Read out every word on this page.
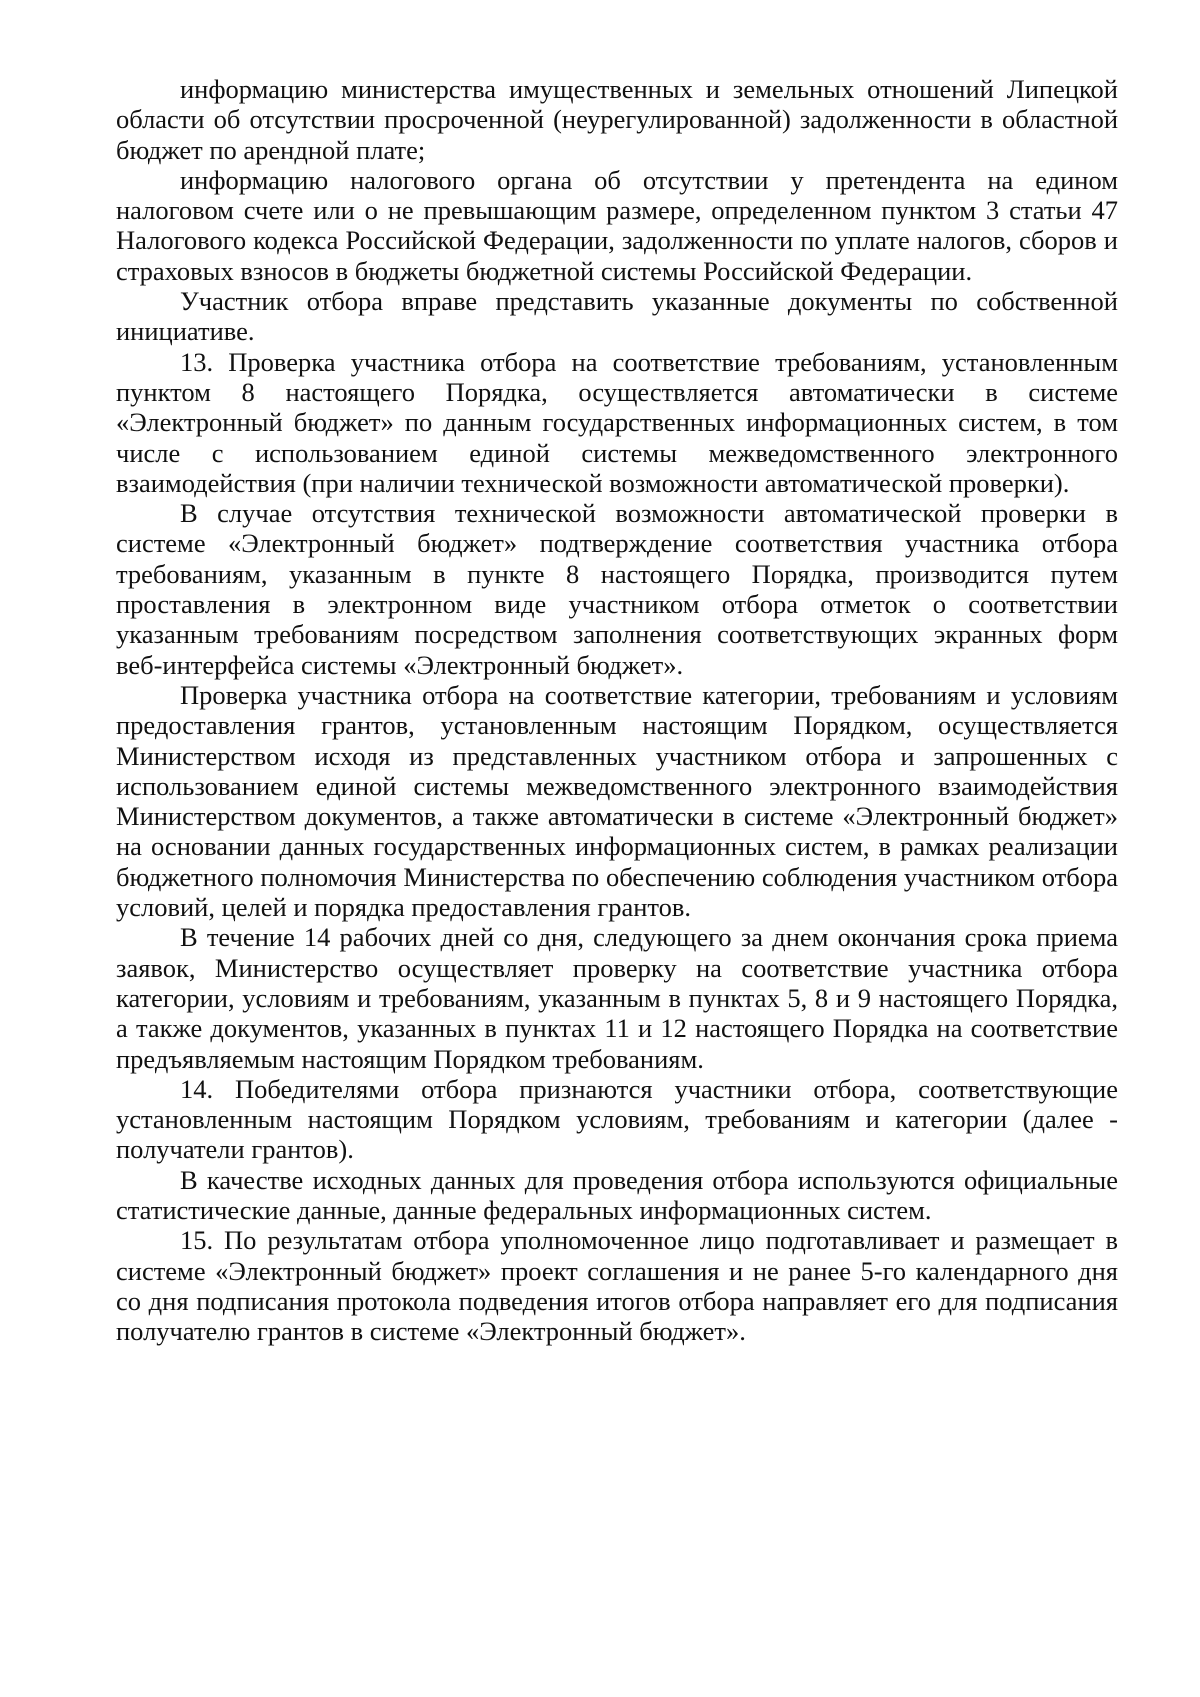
информацию министерства имущественных и земельных отношений Липецкой области об отсутствии просроченной (неурегулированной) задолженности в областной бюджет по арендной плате;

информацию налогового органа об отсутствии у претендента на едином налоговом счете или о не превышающим размере, определенном пунктом 3 статьи 47 Налогового кодекса Российской Федерации, задолженности по уплате налогов, сборов и страховых взносов в бюджеты бюджетной системы Российской Федерации.

Участник отбора вправе представить указанные документы по собственной инициативе.

13. Проверка участника отбора на соответствие требованиям, установленным пунктом 8 настоящего Порядка, осуществляется автоматически в системе «Электронный бюджет» по данным государственных информационных систем, в том числе с использованием единой системы межведомственного электронного взаимодействия (при наличии технической возможности автоматической проверки).

В случае отсутствия технической возможности автоматической проверки в системе «Электронный бюджет» подтверждение соответствия участника отбора требованиям, указанным в пункте 8 настоящего Порядка, производится путем проставления в электронном виде участником отбора отметок о соответствии указанным требованиям посредством заполнения соответствующих экранных форм веб-интерфейса системы «Электронный бюджет».

Проверка участника отбора на соответствие категории, требованиям и условиям предоставления грантов, установленным настоящим Порядком, осуществляется Министерством исходя из представленных участником отбора и запрошенных с использованием единой системы межведомственного электронного взаимодействия Министерством документов, а также автоматически в системе «Электронный бюджет» на основании данных государственных информационных систем, в рамках реализации бюджетного полномочия Министерства по обеспечению соблюдения участником отбора условий, целей и порядка предоставления грантов.

В течение 14 рабочих дней со дня, следующего за днем окончания срока приема заявок, Министерство осуществляет проверку на соответствие участника отбора категории, условиям и требованиям, указанным в пунктах 5, 8 и 9 настоящего Порядка, а также документов, указанных в пунктах 11 и 12 настоящего Порядка на соответствие предъявляемым настоящим Порядком требованиям.

14. Победителями отбора признаются участники отбора, соответствующие установленным настоящим Порядком условиям, требованиям и категории (далее - получатели грантов).

В качестве исходных данных для проведения отбора используются официальные статистические данные, данные федеральных информационных систем.

15. По результатам отбора уполномоченное лицо подготавливает и размещает в системе «Электронный бюджет» проект соглашения и не ранее 5-го календарного дня со дня подписания протокола подведения итогов отбора направляет его для подписания получателю грантов в системе «Электронный бюджет».
